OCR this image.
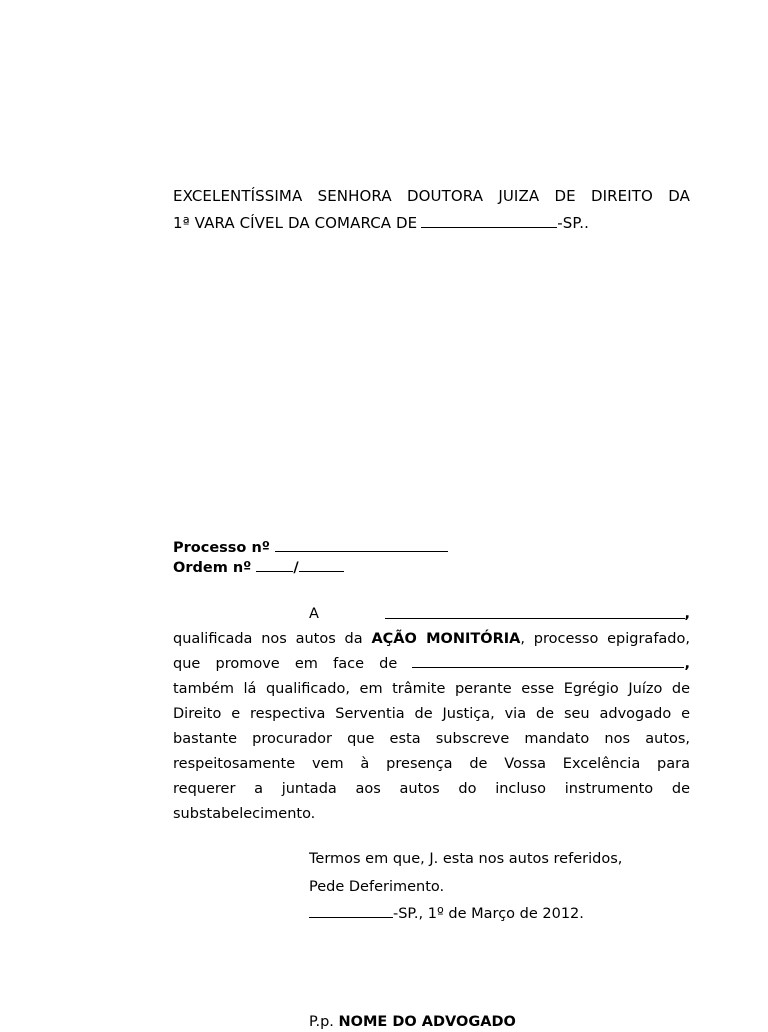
EXCELENTÍSSIMA SENHORA DOUTORA JUIZA DE DIREITO DA
1ª VARA CÍVEL DA COMARCA DE	-SP..
Processo nº
Ordem nº	/
A	,
qualificada nos autos da AÇÃO MONITÓRIA, processo epigrafado,
que promove em face de	,
também lá qualificado, em trâmite perante esse Egrégio Juízo de
Direito e respectiva Serventia de Justiça, via de seu advogado e
bastante procurador que esta subscreve mandato nos autos,
respeitosamente vem à presença de Vossa Excelência para
requerer a juntada aos autos do incluso instrumento de
substabelecimento.
Termos em que, J. esta nos autos referidos,
Pede Deferimento.
-SP., 1º de Março de 2012.
P.p. NOME DO ADVOGADO
